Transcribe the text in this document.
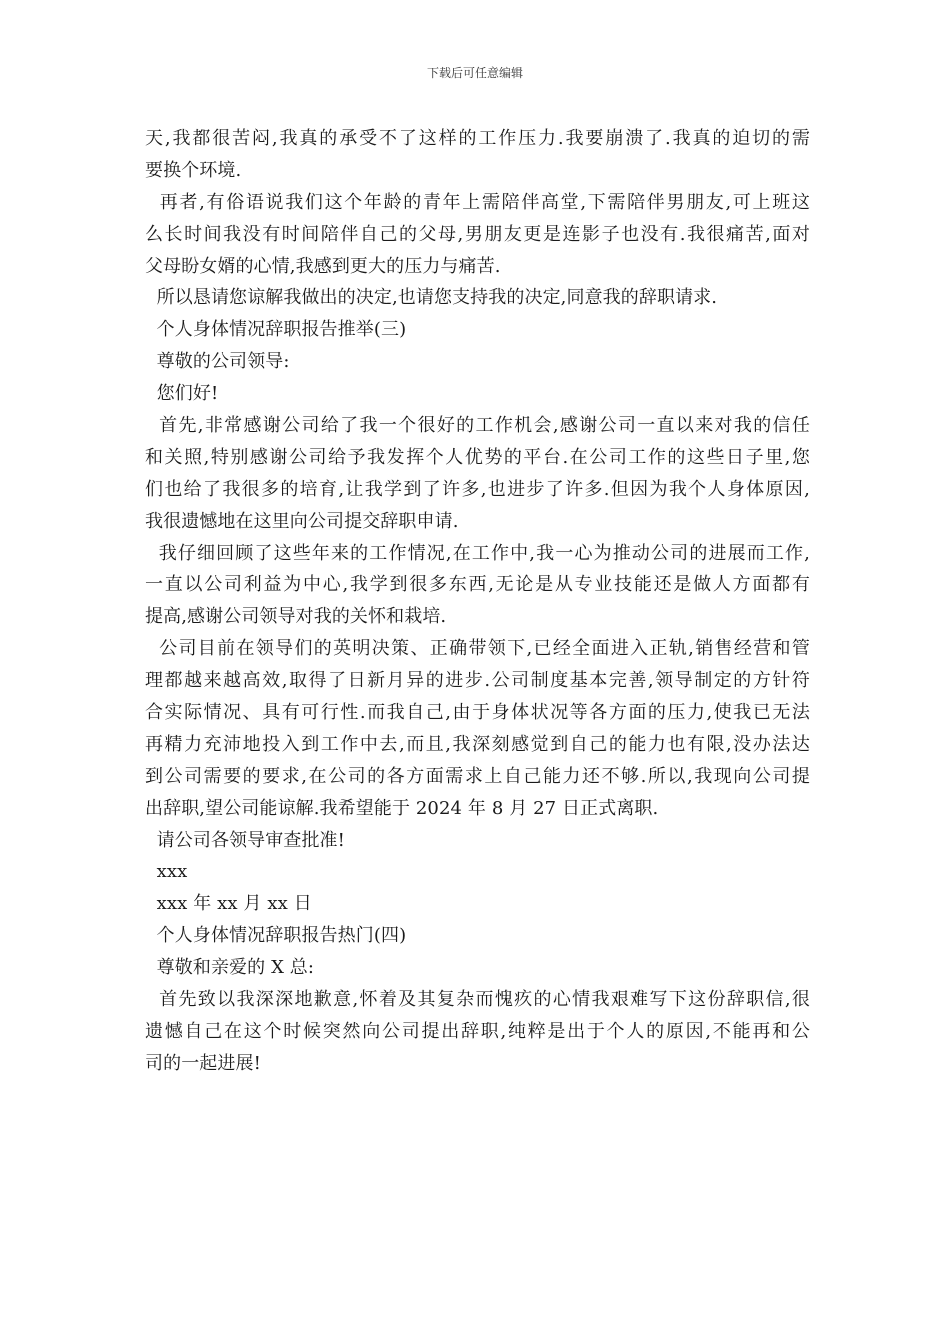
下载后可任意编辑
天,我都很苦闷,我真的承受不了这样的工作压力.我要崩溃了.我真的迫切的需
要换个环境.
再者,有俗语说我们这个年龄的青年上需陪伴高堂,下需陪伴男朋友,可上班这
么长时间我没有时间陪伴自己的父母,男朋友更是连影子也没有.我很痛苦,面对
父母盼女婿的心情,我感到更大的压力与痛苦.
所以恳请您谅解我做出的决定,也请您支持我的决定,同意我的辞职请求.
个人身体情况辞职报告推举(三)
尊敬的公司领导:
您们好!
首先,非常感谢公司给了我一个很好的工作机会,感谢公司一直以来对我的信任
和关照,特别感谢公司给予我发挥个人优势的平台.在公司工作的这些日子里,您
们也给了我很多的培育,让我学到了许多,也进步了许多.但因为我个人身体原因,
我很遗憾地在这里向公司提交辞职申请.
我仔细回顾了这些年来的工作情况,在工作中,我一心为推动公司的进展而工作,
一直以公司利益为中心,我学到很多东西,无论是从专业技能还是做人方面都有
提高,感谢公司领导对我的关怀和栽培.
公司目前在领导们的英明决策、正确带领下,已经全面进入正轨,销售经营和管
理都越来越高效,取得了日新月异的进步.公司制度基本完善,领导制定的方针符
合实际情况、具有可行性.而我自己,由于身体状况等各方面的压力,使我已无法
再精力充沛地投入到工作中去,而且,我深刻感觉到自己的能力也有限,没办法达
到公司需要的要求,在公司的各方面需求上自己能力还不够.所以,我现向公司提
出辞职,望公司能谅解.我希望能于 2024 年 8 月 27 日正式离职.
请公司各领导审查批准!
xxx
xxx 年 xx 月 xx 日
个人身体情况辞职报告热门(四)
尊敬和亲爱的 X 总:
首先致以我深深地歉意,怀着及其复杂而愧疚的心情我艰难写下这份辞职信,很
遗憾自己在这个时候突然向公司提出辞职,纯粹是出于个人的原因,不能再和公
司的一起进展!
